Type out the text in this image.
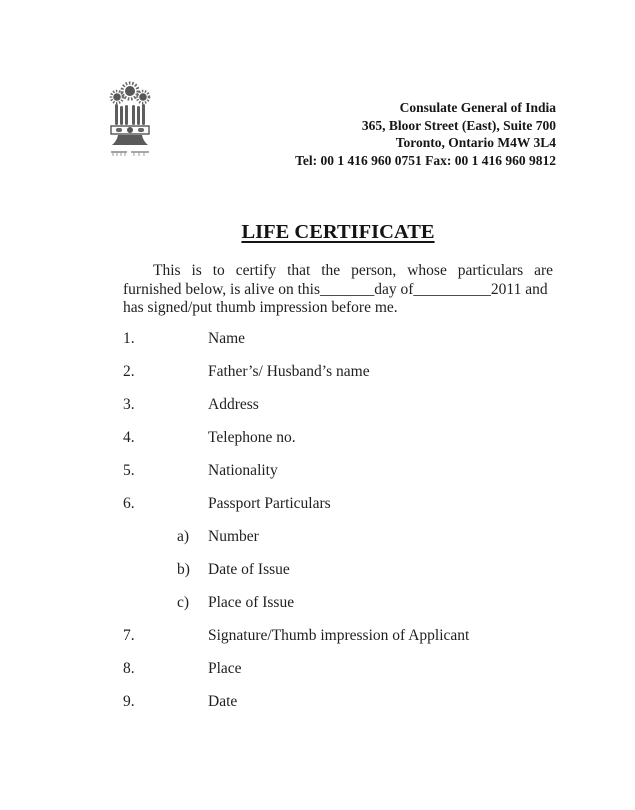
Consulate General of India
365, Bloor Street (East), Suite 700
Toronto, Ontario M4W 3L4
Tel: 00 1 416 960 0751 Fax: 00 1 416 960 9812
LIFE CERTIFICATE
This is to certify that the person, whose particulars are
furnished below, is alive on this_______day of__________2011 and
has signed/put thumb impression before me.
1.	Name
2.	Father’s/ Husband’s name
3.	Address
4.	Telephone no.
5.	Nationality
6.	Passport Particulars
a)	Number
b)	Date of Issue
c)	Place of Issue
7.	Signature/Thumb impression of Applicant
8.	Place
9.	Date
